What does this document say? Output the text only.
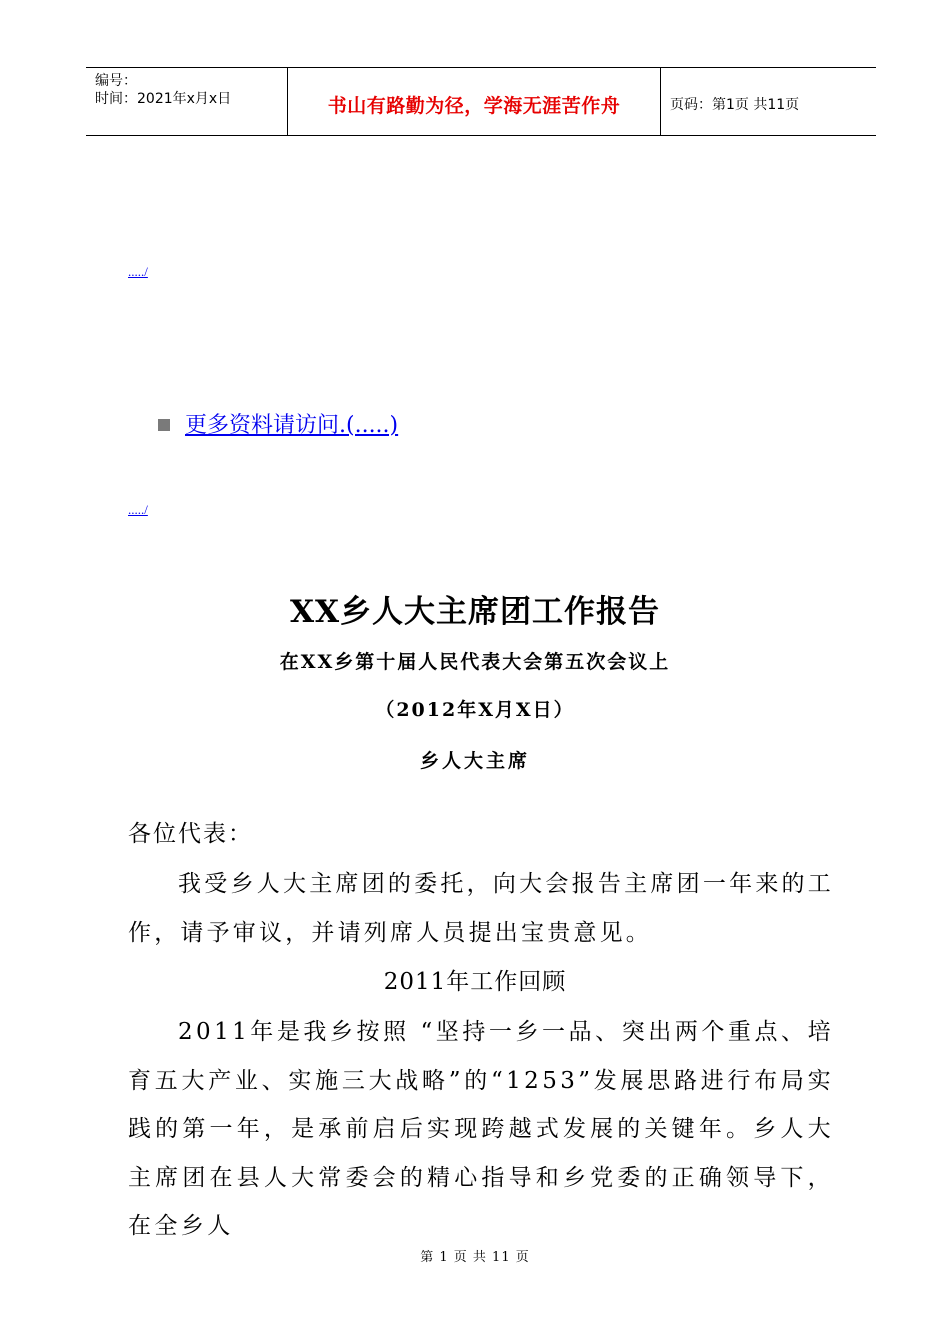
编号：
时间：2021年x月x日	书山有路勤为径，学海无涯苦作舟	页码：第1页 共11页
...../
更多资料请访问.(.....)
...../
XX乡人大主席团工作报告
在XX乡第十届人民代表大会第五次会议上
（2012年X月X日）
乡人大主席
各位代表：
我受乡人大主席团的委托，向大会报告主席团一年来的工作，请予审议，并请列席人员提出宝贵意见。
2011年工作回顾
2011年是我乡按照 “坚持一乡一品、突出两个重点、培育五大产业、实施三大战略”的“1253”发展思路进行布局实践的第一年，是承前启后实现跨越式发展的关键年。乡人大主席团在县人大常委会的精心指导和乡党委的正确领导下，在全乡人
第 1 页 共 11 页
